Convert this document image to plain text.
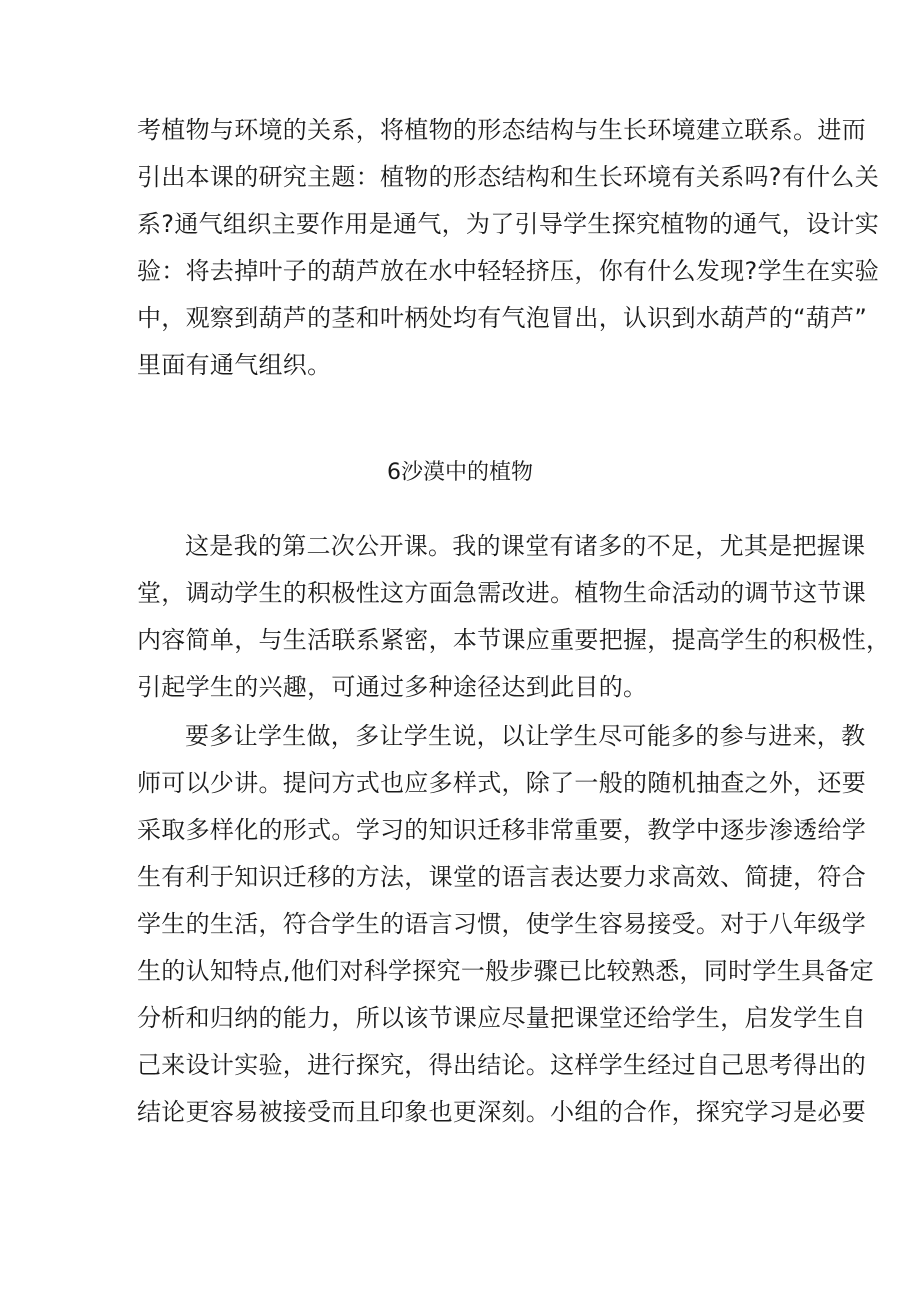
考植物与环境的关系，将植物的形态结构与生长环境建立联系。进而
引出本课的研究主题：植物的形态结构和生长环境有关系吗?有什么关
系?通气组织主要作用是通气，为了引导学生探究植物的通气，设计实
验：将去掉叶子的葫芦放在水中轻轻挤压，你有什么发现?学生在实验
中，观察到葫芦的茎和叶柄处均有气泡冒出，认识到水葫芦的“葫芦”
里面有通气组织。
6沙漠中的植物
这是我的第二次公开课。我的课堂有诸多的不足，尤其是把握课
堂，调动学生的积极性这方面急需改进。植物生命活动的调节这节课
内容简单，与生活联系紧密，本节课应重要把握，提高学生的积极性，
引起学生的兴趣，可通过多种途径达到此目的。
要多让学生做，多让学生说，以让学生尽可能多的参与进来，教
师可以少讲。提问方式也应多样式，除了一般的随机抽查之外，还要
采取多样化的形式。学习的知识迁移非常重要，教学中逐步渗透给学
生有利于知识迁移的方法，课堂的语言表达要力求高效、简捷，符合
学生的生活，符合学生的语言习惯，使学生容易接受。对于八年级学
生的认知特点,他们对科学探究一般步骤已比较熟悉，同时学生具备定
分析和归纳的能力，所以该节课应尽量把课堂还给学生，启发学生自
己来设计实验，进行探究，得出结论。这样学生经过自己思考得出的
结论更容易被接受而且印象也更深刻。小组的合作，探究学习是必要
